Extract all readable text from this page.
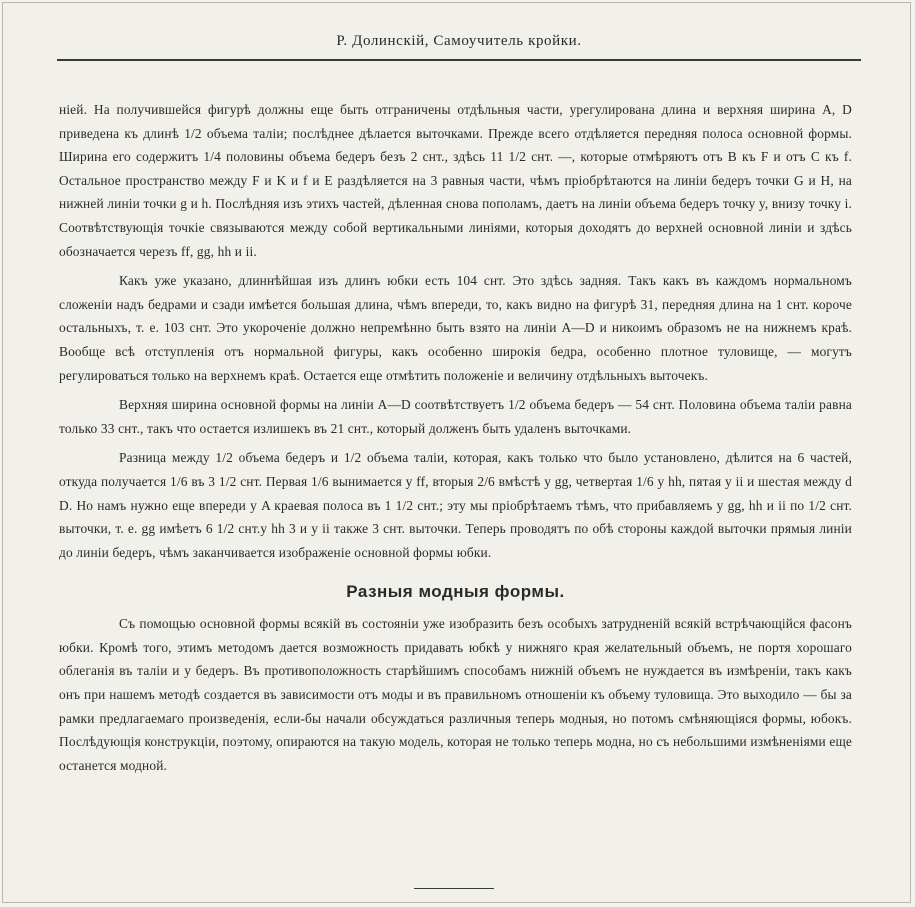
Р. Долинскій, Самоучитель кройки.

ніей. На получившейся фигурѣ должны еще быть отграничены отдѣльныя части, урегулирована длина и верхняя ширина A, D приведена къ длинѣ 1/2 объема таліи; послѣднее дѣлается выточками. Прежде всего отдѣляется передняя полоса основной формы. Ширина его содержитъ 1/4 половины объема бедеръ безъ 2 снт., здѣсь 11 1/2 снт. —, которые отмѣряютъ отъ B къ F и отъ C къ f. Остальное пространство между F и K и f и E раздѣляется на 3 равныя части, чѣмъ пріобрѣтаются на линіи бедеръ точки G и H, на нижней линіи точки g и h. Послѣдняя изъ этихъ частей, дѣленная снова пополамъ, даетъ на линіи объема бедеръ точку y, внизу точку i. Соотвѣтствующія точкіе связываются между собой вертикальными линіями, которыя доходятъ до верхней основной линіи и здѣсь обозначается черезъ ff, gg, hh и ii.

Какъ уже указано, длиннѣйшая изъ длинъ юбки есть 104 снт. Это здѣсь задняя. Такъ какъ въ каждомъ нормальномъ сложеніи надъ бедрами и сзади имѣется большая длина, чѣмъ впереди, то, какъ видно на фигурѣ 31, передняя длина на 1 снт. короче остальныхъ, т. е. 103 снт. Это укороченіе должно непремѣнно быть взято на линіи A—D и никоимъ образомъ не на нижнемъ краѣ. Вообще всѣ отступленія отъ нормальной фигуры, какъ особенно широкія бедра, особенно плотное туловище, — могутъ регулироваться только на верхнемъ краѣ. Остается еще отмѣтить положеніе и величину отдѣльныхъ выточекъ.

Верхняя ширина основной формы на линіи A—D соотвѣтствуетъ 1/2 объема бедеръ — 54 снт. Половина объема таліи равна только 33 снт., такъ что остается излишекъ въ 21 снт., который долженъ быть удаленъ выточками.

Разница между 1/2 объема бедеръ и 1/2 объема таліи, которая, какъ только что было установлено, дѣлится на 6 частей, откуда получается 1/6 въ 3 1/2 снт. Первая 1/6 вынимается y ff, вторыя 2/6 вмѣстѣ y gg, четвертая 1/6 y hh, пятая y ii и шестая между d D. Но намъ нужно еще впереди у A краевая полоса въ 1 1/2 снт.; эту мы пріобрѣтаемъ тѣмъ, что прибавляемъ y gg, hh и ii по 1/2 снт. выточки, т. е. gg имѣетъ 6 1/2 снт.y hh 3 и y ii также 3 снт. выточки. Теперь проводятъ по обѣ стороны каждой выточки прямыя линіи до линіи бедеръ, чѣмъ заканчивается изображеніе основной формы юбки.

Разныя модныя формы.

Съ помощью основной формы всякій въ состояніи уже изобразить безъ особыхъ затрудненій всякій встрѣчающійся фасонъ юбки. Кромѣ того, этимъ методомъ дается возможность придавать юбкѣ у нижняго края желательный объемъ, не портя хорошаго облеганія въ таліи и у бедеръ. Въ противоположность старѣйшимъ способамъ нижній объемъ не нуждается въ измѣреніи, такъ какъ онъ при нашемъ методѣ создается въ зависимости отъ моды и въ правильномъ отношеніи къ объему туловища. Это выходило — бы за рамки предлагаемаго произведенія, если-бы начали обсуждаться различныя теперь модныя, но потомъ смѣняющіяся формы, юбокъ. Послѣдующія конструкціи, поэтому, опираются на такую модель, которая не только теперь модна, но съ небольшими измѣненіями еще останется модной.
